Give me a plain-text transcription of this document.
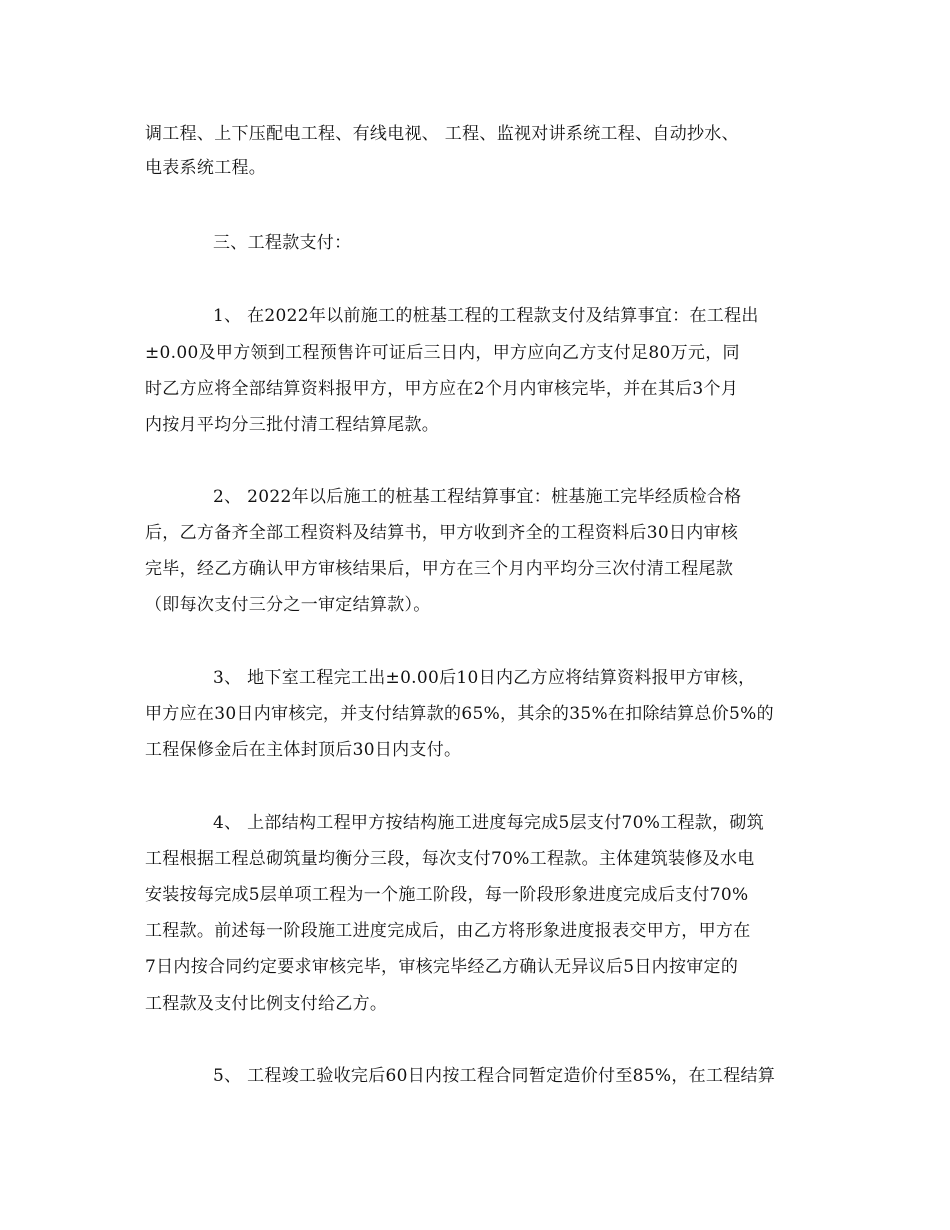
调工程、上下压配电工程、有线电视、 工程、监视对讲系统工程、自动抄水、
电表系统工程。
三、工程款支付：
1、 在2022年以前施工的桩基工程的工程款支付及结算事宜：在工程出
±0.00及甲方领到工程预售许可证后三日内，甲方应向乙方支付足80万元，同
时乙方应将全部结算资料报甲方，甲方应在2个月内审核完毕，并在其后3个月
内按月平均分三批付清工程结算尾款。
2、 2022年以后施工的桩基工程结算事宜：桩基施工完毕经质检合格
后，乙方备齐全部工程资料及结算书，甲方收到齐全的工程资料后30日内审核
完毕，经乙方确认甲方审核结果后，甲方在三个月内平均分三次付清工程尾款
（即每次支付三分之一审定结算款）。
3、 地下室工程完工出±0.00后10日内乙方应将结算资料报甲方审核，
甲方应在30日内审核完，并支付结算款的65%，其余的35%在扣除结算总价5%的
工程保修金后在主体封顶后30日内支付。
4、 上部结构工程甲方按结构施工进度每完成5层支付70%工程款，砌筑
工程根据工程总砌筑量均衡分三段，每次支付70%工程款。主体建筑装修及水电
安装按每完成5层单项工程为一个施工阶段，每一阶段形象进度完成后支付70%
工程款。前述每一阶段施工进度完成后，由乙方将形象进度报表交甲方，甲方在
7日内按合同约定要求审核完毕，审核完毕经乙方确认无异议后5日内按审定的
工程款及支付比例支付给乙方。
5、 工程竣工验收完后60日内按工程合同暂定造价付至85%，在工程结算
